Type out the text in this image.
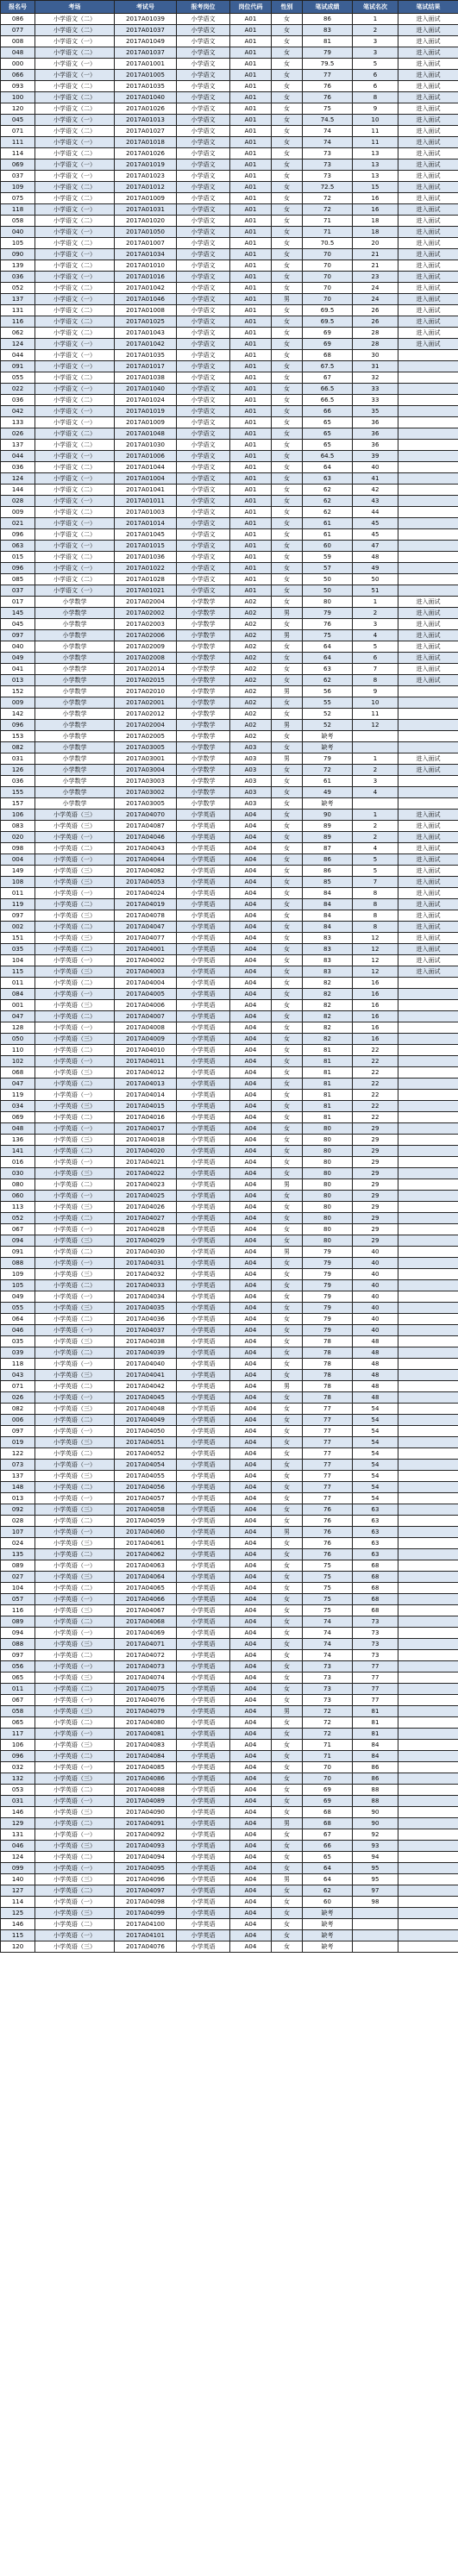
报名号	考场	考试号	报考岗位	岗位代码	性别	笔试成绩	笔试名次	笔试结果
086	小学语文（二）	2017A01039	小学语文	A01	女	86	1	进入面试
077	小学语文（二）	2017A01037	小学语文	A01	女	83	2	进入面试
008	小学语文（一）	2017A01049	小学语文	A01	女	81	3	进入面试
048	小学语文（二）	2017A01037	小学语文	A01	女	79	3	进入面试
000	小学语文（一）	2017A01001	小学语文	A01	女	79.5	5	进入面试
066	小学语文（一）	2017A01005	小学语文	A01	女	77	6	进入面试
093	小学语文（二）	2017A01035	小学语文	A01	女	76	6	进入面试
100	小学语文（二）	2017A01040	小学语文	A01	女	76	8	进入面试
120	小学语文（二）	2017A01026	小学语文	A01	女	75	9	进入面试
045	小学语文（一）	2017A01013	小学语文	A01	女	74.5	10	进入面试
071	小学语文（二）	2017A01027	小学语文	A01	女	74	11	进入面试
111	小学语文（一）	2017A01018	小学语文	A01	女	74	11	进入面试
114	小学语文（二）	2017A01026	小学语文	A01	女	73	13	进入面试
069	小学语文（一）	2017A01019	小学语文	A01	女	73	13	进入面试
037	小学语文（一）	2017A01023	小学语文	A01	女	73	13	进入面试
109	小学语文（二）	2017A01012	小学语文	A01	女	72.5	15	进入面试
075	小学语文（二）	2017A01009	小学语文	A01	女	72	16	进入面试
118	小学语文（一）	2017A01031	小学语文	A01	女	72	16	进入面试
058	小学语文（二）	2017A01020	小学语文	A01	女	71	18	进入面试
040	小学语文（一）	2017A01050	小学语文	A01	女	71	18	进入面试
105	小学语文（二）	2017A01007	小学语文	A01	女	70.5	20	进入面试
090	小学语文（一）	2017A01034	小学语文	A01	女	70	21	进入面试
139	小学语文（二）	2017A01010	小学语文	A01	女	70	21	进入面试
036	小学语文（一）	2017A01016	小学语文	A01	女	70	23	进入面试
052	小学语文（二）	2017A01042	小学语文	A01	女	70	24	进入面试
137	小学语文（一）	2017A01046	小学语文	A01	男	70	24	进入面试
131	小学语文（二）	2017A01008	小学语文	A01	女	69.5	26	进入面试
116	小学语文（二）	2017A01025	小学语文	A01	女	69.5	26	进入面试
062	小学语文（二）	2017A01043	小学语文	A01	女	69	28	进入面试
124	小学语文（一）	2017A01042	小学语文	A01	女	69	28	进入面试
044	小学语文（一）	2017A01035	小学语文	A01	女	68	30	
091	小学语文（一）	2017A01017	小学语文	A01	女	67.5	31	
055	小学语文（二）	2017A01038	小学语文	A01	女	67	32	
022	小学语文（一）	2017A01040	小学语文	A01	女	66.5	33	
036	小学语文（二）	2017A01024	小学语文	A01	女	66.5	33	
042	小学语文（一）	2017A01019	小学语文	A01	女	66	35	
133	小学语文（一）	2017A01009	小学语文	A01	女	65	36	
026	小学语文（二）	2017A01048	小学语文	A01	女	65	36	
137	小学语文（二）	2017A01030	小学语文	A01	女	65	36	
044	小学语文（一）	2017A01006	小学语文	A01	女	64.5	39	
036	小学语文（二）	2017A01044	小学语文	A01	女	64	40	
124	小学语文（一）	2017A01004	小学语文	A01	女	63	41	
144	小学语文（二）	2017A01041	小学语文	A01	女	62	42	
028	小学语文（一）	2017A01011	小学语文	A01	女	62	43	
009	小学语文（二）	2017A01003	小学语文	A01	女	62	44	
021	小学语文（一）	2017A01014	小学语文	A01	女	61	45	
096	小学语文（二）	2017A01045	小学语文	A01	女	61	45	
063	小学语文（一）	2017A01015	小学语文	A01	女	60	47	
015	小学语文（二）	2017A01036	小学语文	A01	女	59	48	
096	小学语文（一）	2017A01022	小学语文	A01	女	57	49	
085	小学语文（二）	2017A01028	小学语文	A01	女	50	50	
037	小学语文（一）	2017A01021	小学语文	A01	女	50	51	
017	小学数学	2017A02004	小学数学	A02	女	80	1	进入面试
145	小学数学	2017A02002	小学数学	A02	男	79	2	进入面试
045	小学数学	2017A02003	小学数学	A02	女	76	3	进入面试
097	小学数学	2017A02006	小学数学	A02	男	75	4	进入面试
040	小学数学	2017A02009	小学数学	A02	女	64	5	进入面试
049	小学数学	2017A02008	小学数学	A02	女	64	6	进入面试
041	小学数学	2017A02014	小学数学	A02	女	63	7	进入面试
013	小学数学	2017A02015	小学数学	A02	女	62	8	进入面试
152	小学数学	2017A02010	小学数学	A02	男	56	9	
009	小学数学	2017A02001	小学数学	A02	女	55	10	
142	小学数学	2017A02012	小学数学	A02	女	52	11	
096	小学数学	2017A02004	小学数学	A02	男	52	12	
153	小学数学	2017A02005	小学数学	A02	女	缺考		
082	小学数学	2017A03005	小学数学	A03	女	缺考		
031	小学数学	2017A03001	小学数学	A03	男	79	1	进入面试
126	小学数学	2017A03004	小学数学	A03	女	72	2	进入面试
036	小学数学	2017A03003	小学数学	A03	女	61	3	
155	小学数学	2017A03002	小学数学	A03	女	49	4	
157	小学数学	2017A03005	小学数学	A03	女	缺考		
106	小学英语（三）	2017A04070	小学英语	A04	女	90	1	进入面试
083	小学英语（三）	2017A04087	小学英语	A04	女	89	2	进入面试
020	小学英语（一）	2017A04046	小学英语	A04	女	89	2	进入面试
098	小学英语（二）	2017A04043	小学英语	A04	女	87	4	进入面试
004	小学英语（一）	2017A04044	小学英语	A04	女	86	5	进入面试
149	小学英语（三）	2017A04082	小学英语	A04	女	86	5	进入面试
108	小学英语（三）	2017A04053	小学英语	A04	女	85	7	进入面试
011	小学英语（一）	2017A04024	小学英语	A04	女	84	8	进入面试
119	小学英语（二）	2017A04019	小学英语	A04	女	84	8	进入面试
097	小学英语（三）	2017A04078	小学英语	A04	女	84	8	进入面试
002	小学英语（二）	2017A04047	小学英语	A04	女	84	8	进入面试
151	小学英语（三）	2017A04077	小学英语	A04	女	83	12	进入面试
035	小学英语（二）	2017A04001	小学英语	A04	女	83	12	进入面试
104	小学英语（一）	2017A04002	小学英语	A04	女	83	12	进入面试
115	小学英语（三）	2017A04003	小学英语	A04	女	83	12	进入面试
011	小学英语（二）	2017A04004	小学英语	A04	女	82	16	
084	小学英语（一）	2017A04005	小学英语	A04	女	82	16	
001	小学英语（三）	2017A04006	小学英语	A04	女	82	16	
047	小学英语（二）	2017A04007	小学英语	A04	女	82	16	
128	小学英语（一）	2017A04008	小学英语	A04	女	82	16	
050	小学英语（三）	2017A04009	小学英语	A04	女	82	16	
110	小学英语（二）	2017A04010	小学英语	A04	女	81	22	
102	小学英语（一）	2017A04011	小学英语	A04	女	81	22	
068	小学英语（三）	2017A04012	小学英语	A04	女	81	22	
047	小学英语（二）	2017A04013	小学英语	A04	女	81	22	
119	小学英语（一）	2017A04014	小学英语	A04	女	81	22	
034	小学英语（三）	2017A04015	小学英语	A04	女	81	22	
069	小学英语（二）	2017A04016	小学英语	A04	女	81	22	
048	小学英语（一）	2017A04017	小学英语	A04	女	80	29	
136	小学英语（三）	2017A04018	小学英语	A04	女	80	29	
141	小学英语（二）	2017A04020	小学英语	A04	女	80	29	
016	小学英语（一）	2017A04021	小学英语	A04	女	80	29	
030	小学英语（三）	2017A04022	小学英语	A04	女	80	29	
080	小学英语（二）	2017A04023	小学英语	A04	男	80	29	
060	小学英语（一）	2017A04025	小学英语	A04	女	80	29	
113	小学英语（三）	2017A04026	小学英语	A04	女	80	29	
052	小学英语（二）	2017A04027	小学英语	A04	女	80	29	
067	小学英语（一）	2017A04028	小学英语	A04	女	80	29	
094	小学英语（三）	2017A04029	小学英语	A04	女	80	29	
091	小学英语（二）	2017A04030	小学英语	A04	男	79	40	
088	小学英语（一）	2017A04031	小学英语	A04	女	79	40	
109	小学英语（三）	2017A04032	小学英语	A04	女	79	40	
105	小学英语（二）	2017A04033	小学英语	A04	女	79	40	
049	小学英语（一）	2017A04034	小学英语	A04	女	79	40	
055	小学英语（三）	2017A04035	小学英语	A04	女	79	40	
064	小学英语（二）	2017A04036	小学英语	A04	女	79	40	
046	小学英语（一）	2017A04037	小学英语	A04	女	79	40	
035	小学英语（三）	2017A04038	小学英语	A04	女	78	48	
039	小学英语（二）	2017A04039	小学英语	A04	女	78	48	
118	小学英语（一）	2017A04040	小学英语	A04	女	78	48	
043	小学英语（三）	2017A04041	小学英语	A04	女	78	48	
071	小学英语（二）	2017A04042	小学英语	A04	男	78	48	
026	小学英语（一）	2017A04045	小学英语	A04	女	78	48	
082	小学英语（三）	2017A04048	小学英语	A04	女	77	54	
006	小学英语（二）	2017A04049	小学英语	A04	女	77	54	
097	小学英语（一）	2017A04050	小学英语	A04	女	77	54	
019	小学英语（三）	2017A04051	小学英语	A04	女	77	54	
122	小学英语（二）	2017A04052	小学英语	A04	女	77	54	
073	小学英语（一）	2017A04054	小学英语	A04	女	77	54	
137	小学英语（三）	2017A04055	小学英语	A04	女	77	54	
148	小学英语（二）	2017A04056	小学英语	A04	女	77	54	
013	小学英语（一）	2017A04057	小学英语	A04	女	77	54	
092	小学英语（三）	2017A04058	小学英语	A04	女	76	63	
028	小学英语（二）	2017A04059	小学英语	A04	女	76	63	
107	小学英语（一）	2017A04060	小学英语	A04	男	76	63	
024	小学英语（三）	2017A04061	小学英语	A04	女	76	63	
135	小学英语（二）	2017A04062	小学英语	A04	女	76	63	
089	小学英语（一）	2017A04063	小学英语	A04	女	75	68	
027	小学英语（三）	2017A04064	小学英语	A04	女	75	68	
104	小学英语（二）	2017A04065	小学英语	A04	女	75	68	
057	小学英语（一）	2017A04066	小学英语	A04	女	75	68	
116	小学英语（三）	2017A04067	小学英语	A04	女	75	68	
089	小学英语（二）	2017A04068	小学英语	A04	女	74	73	
094	小学英语（一）	2017A04069	小学英语	A04	女	74	73	
088	小学英语（三）	2017A04071	小学英语	A04	女	74	73	
097	小学英语（二）	2017A04072	小学英语	A04	女	74	73	
056	小学英语（一）	2017A04073	小学英语	A04	女	73	77	
065	小学英语（三）	2017A04074	小学英语	A04	女	73	77	
011	小学英语（二）	2017A04075	小学英语	A04	女	73	77	
067	小学英语（一）	2017A04076	小学英语	A04	女	73	77	
058	小学英语（三）	2017A04079	小学英语	A04	男	72	81	
065	小学英语（二）	2017A04080	小学英语	A04	女	72	81	
117	小学英语（一）	2017A04081	小学英语	A04	女	72	81	
106	小学英语（三）	2017A04083	小学英语	A04	女	71	84	
096	小学英语（二）	2017A04084	小学英语	A04	女	71	84	
032	小学英语（一）	2017A04085	小学英语	A04	女	70	86	
132	小学英语（三）	2017A04086	小学英语	A04	女	70	86	
053	小学英语（二）	2017A04088	小学英语	A04	女	69	88	
031	小学英语（一）	2017A04089	小学英语	A04	女	69	88	
146	小学英语（三）	2017A04090	小学英语	A04	女	68	90	
129	小学英语（二）	2017A04091	小学英语	A04	男	68	90	
131	小学英语（一）	2017A04092	小学英语	A04	女	67	92	
046	小学英语（三）	2017A04093	小学英语	A04	女	66	93	
124	小学英语（二）	2017A04094	小学英语	A04	女	65	94	
099	小学英语（一）	2017A04095	小学英语	A04	女	64	95	
140	小学英语（三）	2017A04096	小学英语	A04	男	64	95	
127	小学英语（二）	2017A04097	小学英语	A04	女	62	97	
114	小学英语（一）	2017A04098	小学英语	A04	女	60	98	
125	小学英语（三）	2017A04099	小学英语	A04	女	缺考		
146	小学英语（二）	2017A04100	小学英语	A04	女	缺考		
115	小学英语（一）	2017A04101	小学英语	A04	女	缺考		
120	小学英语（三）	2017A04076	小学英语	A04	女	缺考		
